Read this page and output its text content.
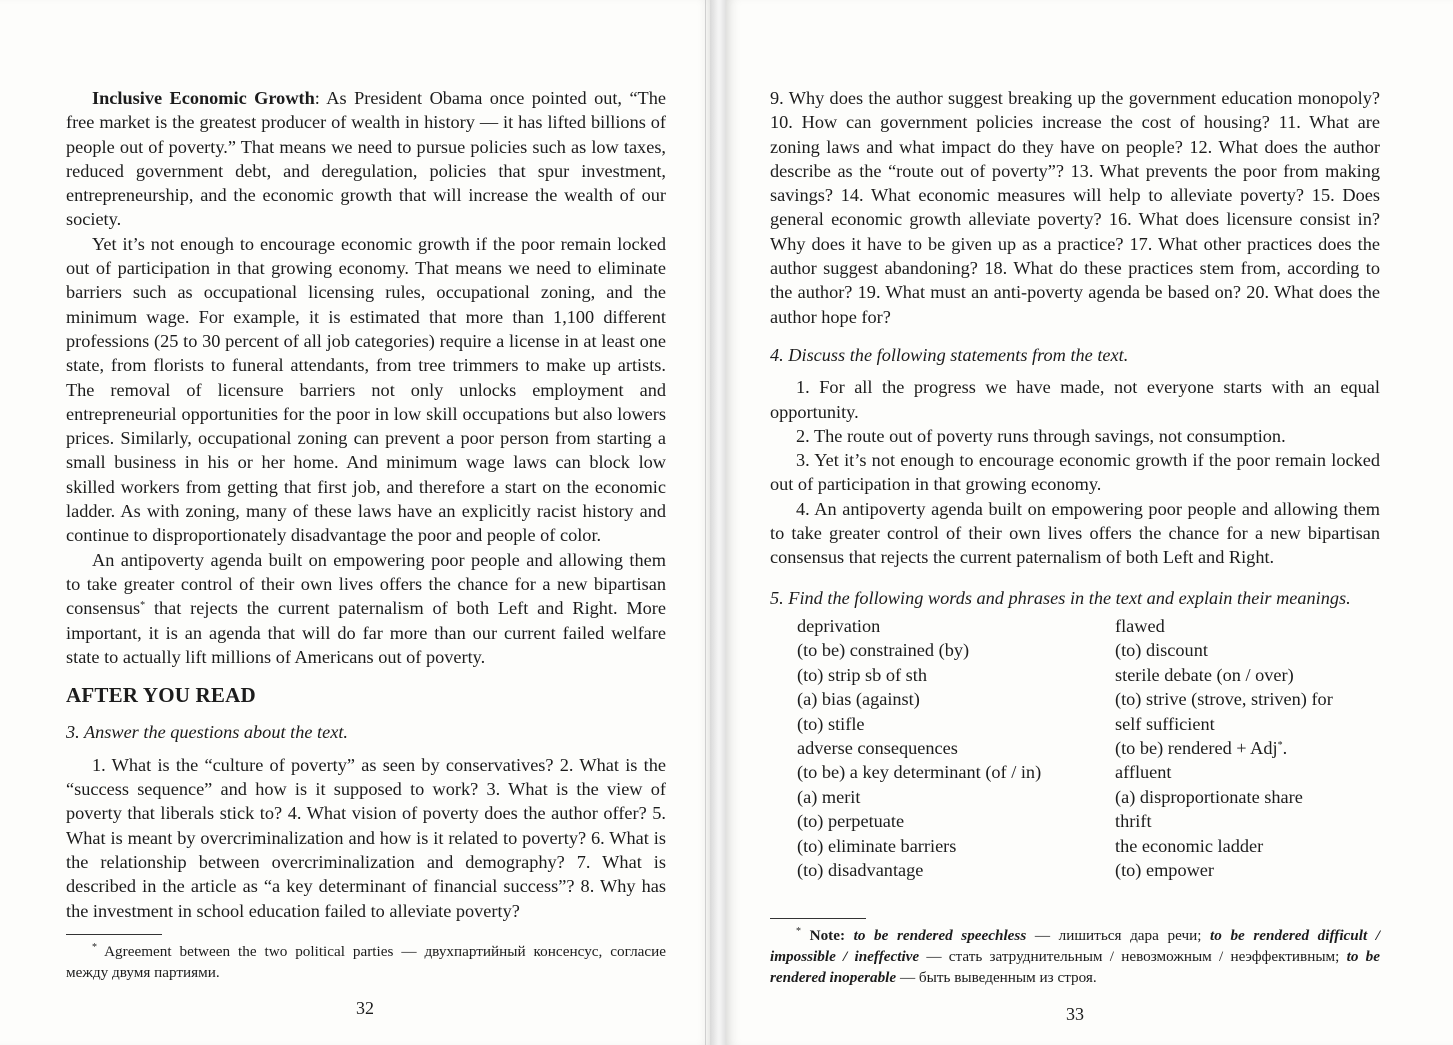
Inclusive Economic Growth: As President Obama once pointed out, “The free market is the greatest producer of wealth in history — it has lifted billions of people out of poverty.” That means we need to pursue policies such as low taxes, reduced government debt, and deregulation, policies that spur investment, entrepreneurship, and the economic growth that will increase the wealth of our society.

Yet it’s not enough to encourage economic growth if the poor remain locked out of participation in that growing economy. That means we need to eliminate barriers such as occupational licensing rules, occupational zoning, and the minimum wage. For example, it is estimated that more than 1,100 different professions (25 to 30 percent of all job categories) require a license in at least one state, from florists to funeral attendants, from tree trimmers to make up artists. The removal of licensure barriers not only unlocks employment and entrepreneurial opportunities for the poor in low skill occupations but also lowers prices. Similarly, occupational zoning can prevent a poor person from starting a small business in his or her home. And minimum wage laws can block low skilled workers from getting that first job, and therefore a start on the economic ladder. As with zoning, many of these laws have an explicitly racist history and continue to disproportionately disadvantage the poor and people of color.

An antipoverty agenda built on empowering poor people and allowing them to take greater control of their own lives offers the chance for a new bipartisan consensus* that rejects the current paternalism of both Left and Right. More important, it is an agenda that will do far more than our current failed welfare state to actually lift millions of Americans out of poverty.

AFTER YOU READ

3. Answer the questions about the text.

1. What is the “culture of poverty” as seen by conservatives? 2. What is the “success sequence” and how is it supposed to work? 3. What is the view of poverty that liberals stick to? 4. What vision of poverty does the author offer? 5. What is meant by overcriminalization and how is it related to poverty? 6. What is the relationship between overcriminalization and demography? 7. What is described in the article as “a key determinant of financial success”? 8. Why has the investment in school education failed to alleviate poverty?

* Agreement between the two political parties — двухпартийный консенсус, согласие между двумя партиями.

32

9. Why does the author suggest breaking up the government education monopoly? 10. How can government policies increase the cost of housing? 11. What are zoning laws and what impact do they have on people? 12. What does the author describe as the “route out of poverty”? 13. What prevents the poor from making savings? 14. What economic measures will help to alleviate poverty? 15. Does general economic growth alleviate poverty? 16. What does licensure consist in? Why does it have to be given up as a practice? 17. What other practices does the author suggest abandoning? 18. What do these practices stem from, according to the author? 19. What must an anti-poverty agenda be based on? 20. What does the author hope for?

4. Discuss the following statements from the text.

1. For all the progress we have made, not everyone starts with an equal opportunity.

2. The route out of poverty runs through savings, not consumption.

3. Yet it’s not enough to encourage economic growth if the poor remain locked out of participation in that growing economy.

4. An antipoverty agenda built on empowering poor people and allowing them to take greater control of their own lives offers the chance for a new bipartisan consensus that rejects the current paternalism of both Left and Right.

5. Find the following words and phrases in the text and explain their meanings.

deprivation	flawed
(to be) constrained (by)	(to) discount
(to) strip sb of sth	sterile debate (on / over)
(a) bias (against)	(to) strive (strove, striven) for
(to) stifle	self sufficient
adverse consequences	(to be) rendered + Adj*.
(to be) a key determinant (of / in)	affluent
(a) merit	(a) disproportionate share
(to) perpetuate	thrift
(to) eliminate barriers	the economic ladder
(to) disadvantage	(to) empower

* Note: to be rendered speechless — лишиться дара речи; to be rendered difficult / impossible / ineffective — стать затруднительным / невозможным / неэффективным; to be rendered inoperable — быть выведенным из строя.

33
